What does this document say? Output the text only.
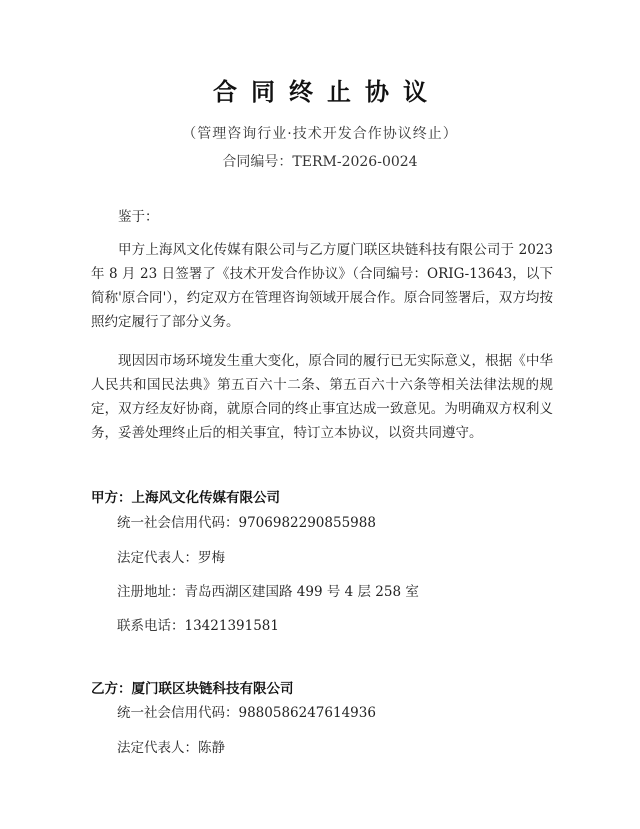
合同终止协议
（管理咨询行业·技术开发合作协议终止）
合同编号：TERM-2026-0024
鉴于：
甲方上海风文化传媒有限公司与乙方厦门联区块链科技有限公司于 2023 年 8 月 23 日签署了《技术开发合作协议》（合同编号：ORIG-13643，以下简称'原合同'），约定双方在管理咨询领域开展合作。原合同签署后，双方均按照约定履行了部分义务。
现因因市场环境发生重大变化，原合同的履行已无实际意义，根据《中华人民共和国民法典》第五百六十二条、第五百六十六条等相关法律法规的规定，双方经友好协商，就原合同的终止事宜达成一致意见。为明确双方权利义务，妥善处理终止后的相关事宜，特订立本协议，以资共同遵守。
甲方：上海风文化传媒有限公司
统一社会信用代码：9706982290855988
法定代表人：罗梅
注册地址：青岛西湖区建国路 499 号 4 层 258 室
联系电话：13421391581
乙方：厦门联区块链科技有限公司
统一社会信用代码：9880586247614936
法定代表人：陈静
